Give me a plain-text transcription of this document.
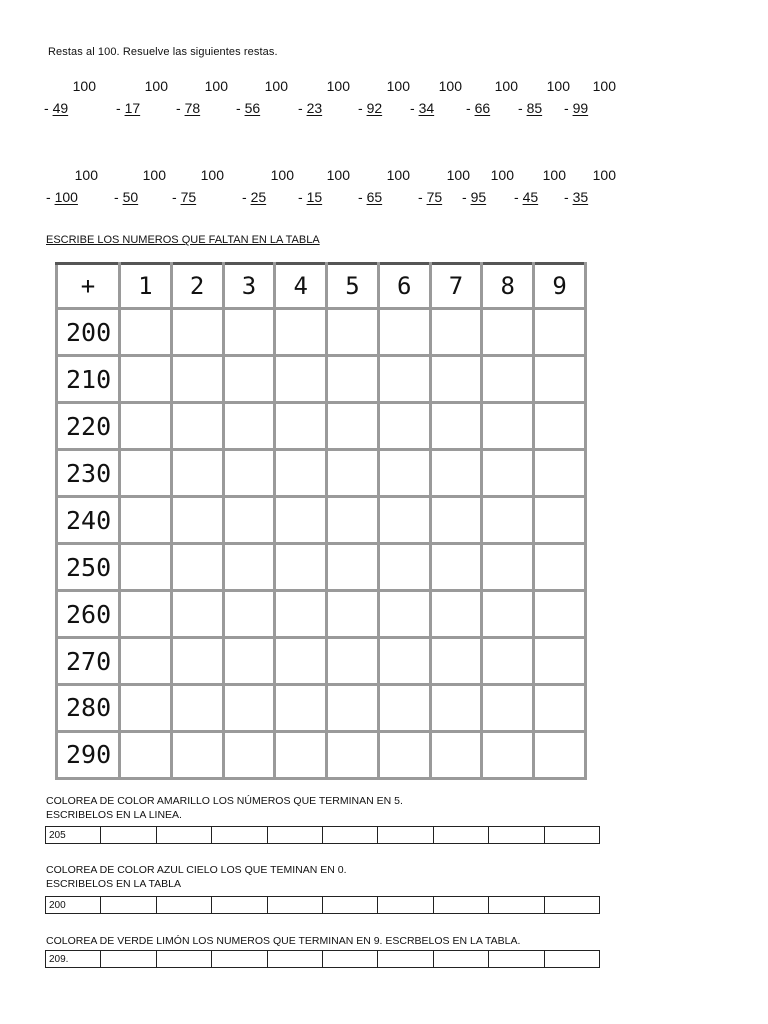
Restas al 100. Resuelve las siguientes restas.
100
- 49
100
- 17
100
- 78
100
- 56
100
- 23
100
- 92
100
- 34
100
- 66
100
- 85
100
- 99
100
- 100
100
- 50
100
- 75
100
- 25
100
- 15
100
- 65
100
- 75
100
- 95
100
- 45
100
- 35
ESCRIBE LOS NUMEROS QUE FALTAN EN LA TABLA
+	1	2	3	4	5	6	7	8	9
200									
210									
220									
230									
240									
250									
260									
270									
280									
290									
COLOREA DE COLOR AMARILLO LOS NÚMEROS QUE TERMINAN EN 5.
ESCRIBELOS EN LA LINEA.
205									
COLOREA DE COLOR AZUL CIELO LOS QUE TEMINAN EN 0.
ESCRIBELOS EN LA TABLA
200									
COLOREA DE VERDE LIMÓN LOS NUMEROS QUE TERMINAN EN 9. ESCRBELOS EN LA TABLA.
209.									
